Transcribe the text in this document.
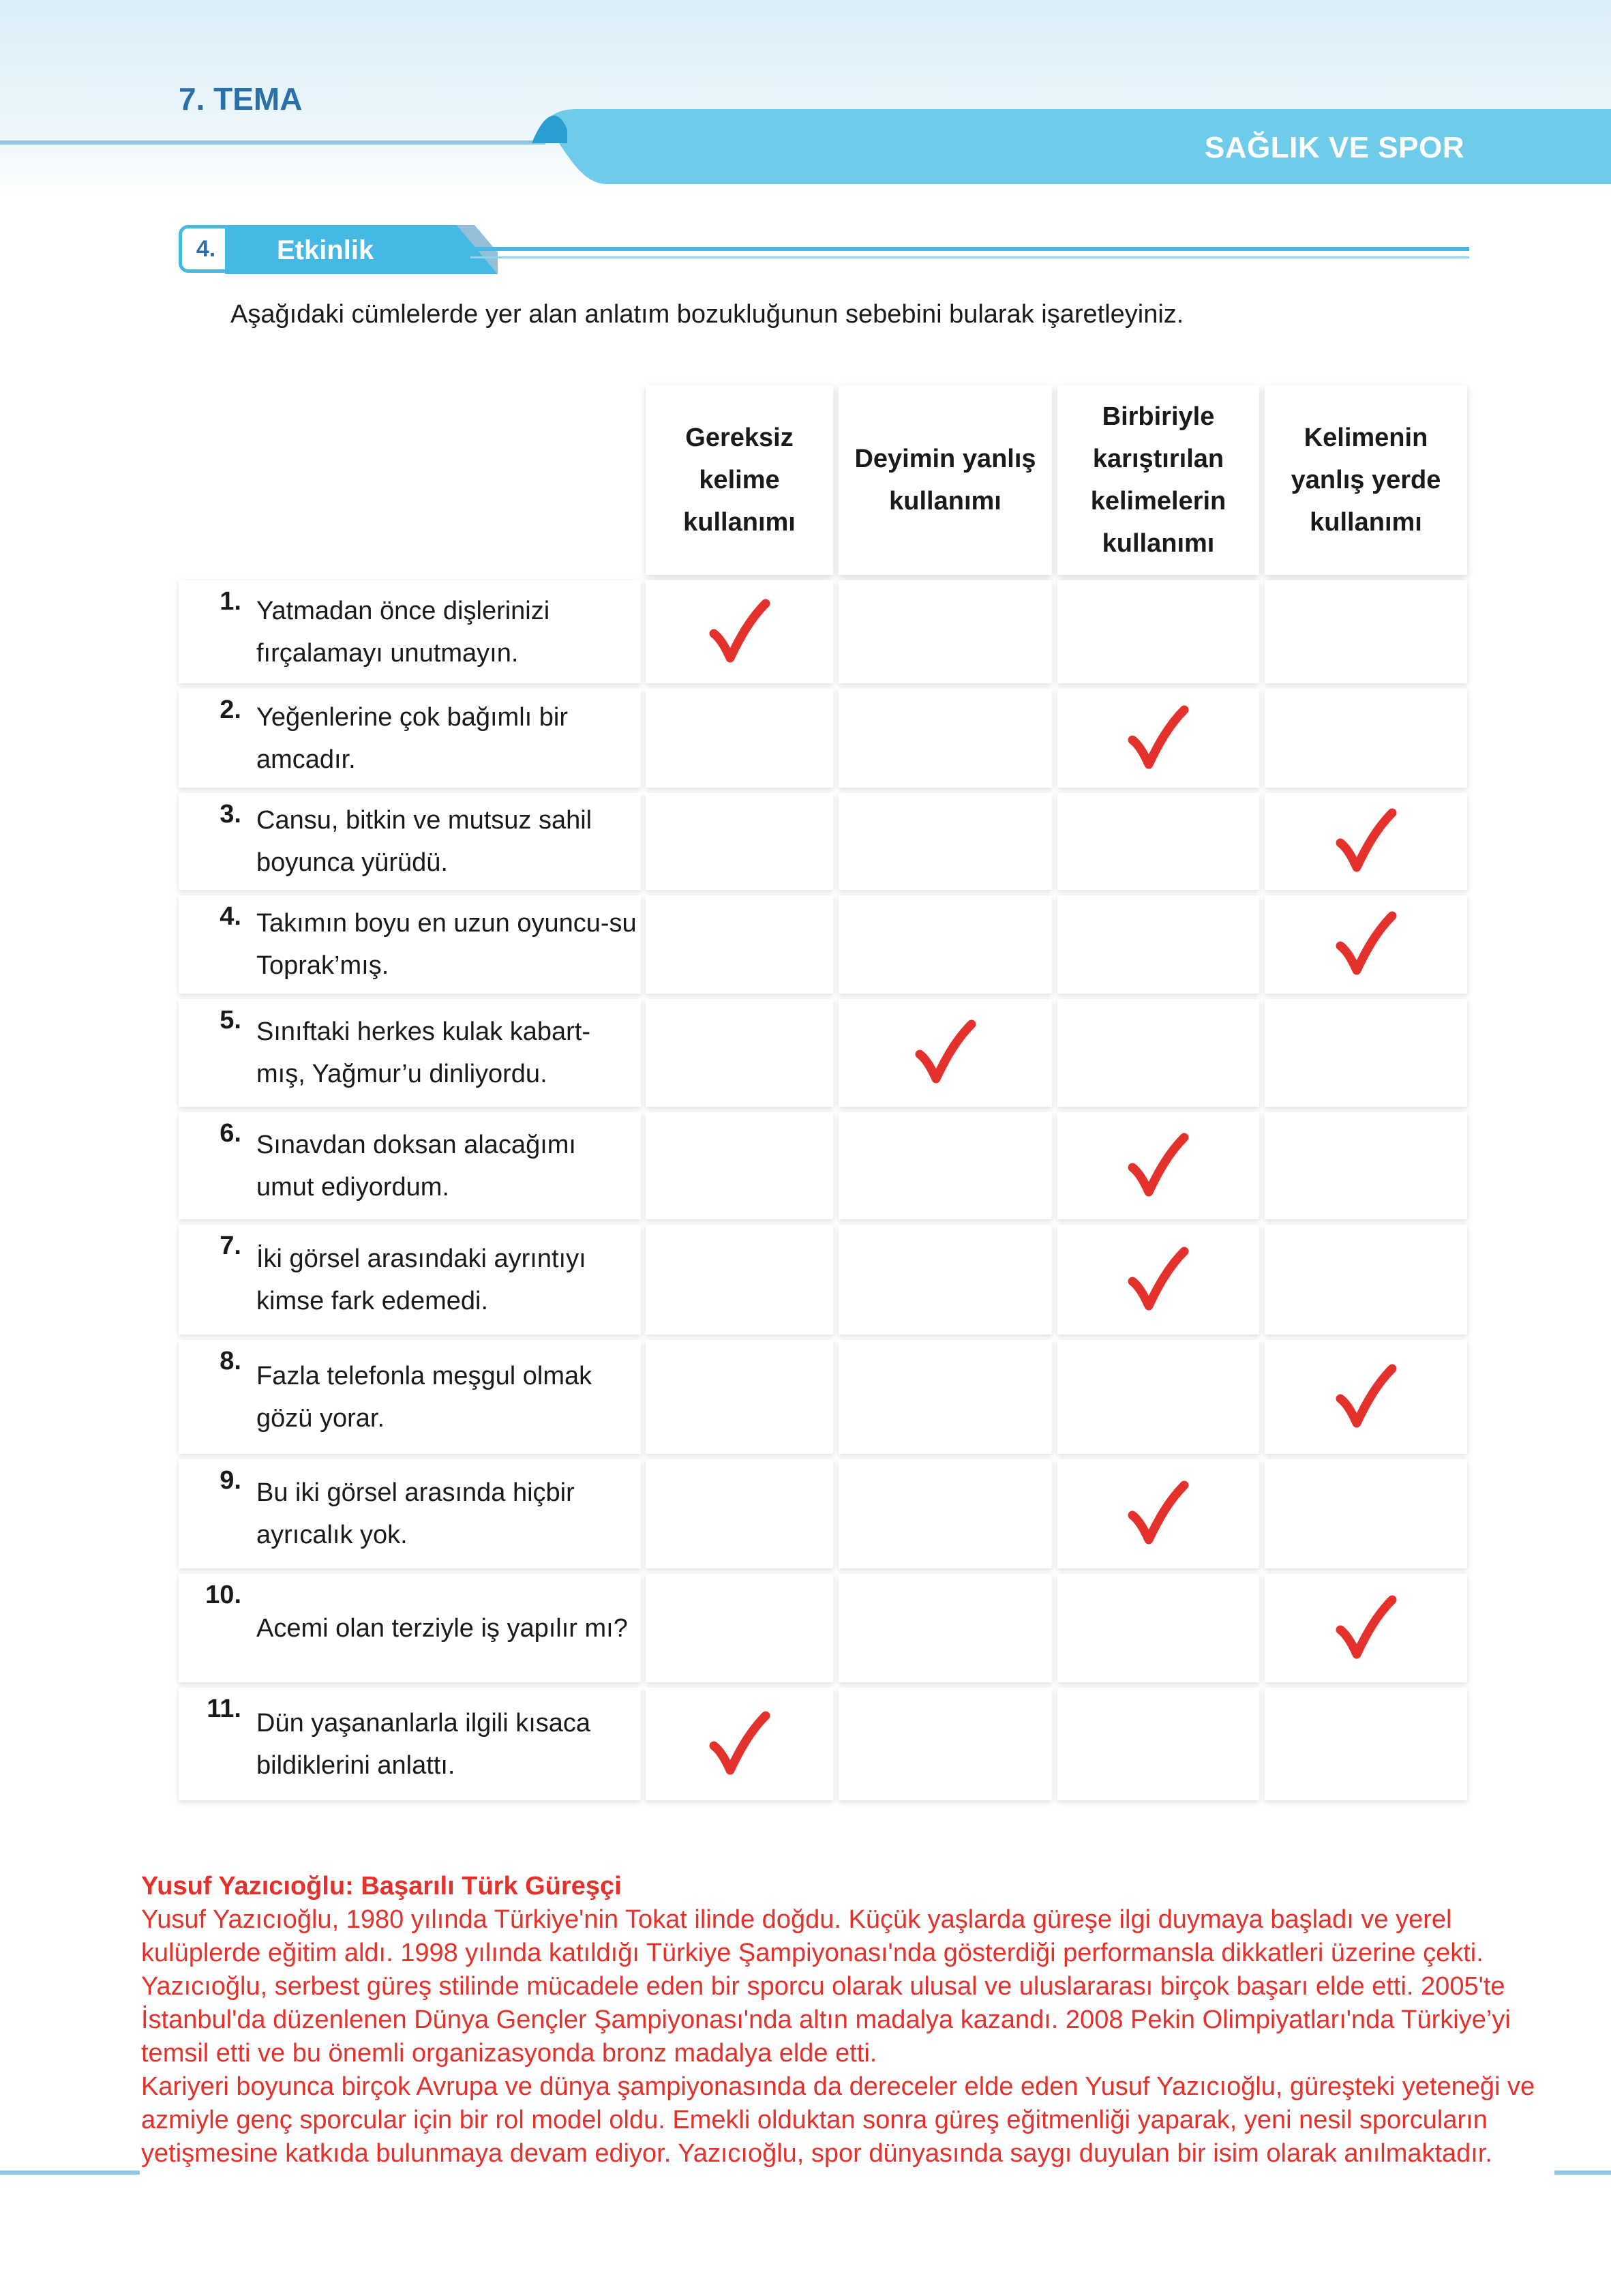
7. TEMA
SAĞLIK VE SPOR
4.	Etkinlik
Aşağıdaki cümlelerde yer alan anlatım bozukluğunun sebebini bularak işaretleyiniz.
Gereksiz kelime kullanımı
Deyimin yanlış kullanımı
Birbiriyle karıştırılan kelimelerin kullanımı
Kelimenin yanlış yerde kullanımı
1. Yatmadan önce dişlerinizi fırçalamayı unutmayın.
2. Yeğenlerine çok bağımlı bir amcadır.
3. Cansu, bitkin ve mutsuz sahil boyunca yürüdü.
4. Takımın boyu en uzun oyuncu-su Toprak’mış.
5. Sınıftaki herkes kulak kabart-mış, Yağmur’u dinliyordu.
6. Sınavdan doksan alacağımı umut ediyordum.
7. İki görsel arasındaki ayrıntıyı kimse fark edemedi.
8.
Fazla telefonla meşgul olmak gözü yorar.
9. Bu iki görsel arasında hiçbir ayrıcalık yok.
10.
Acemi olan terziyle iş yapılır mı?
11. Dün yaşananlarla ilgili kısaca bildiklerini anlattı.
Yusuf Yazıcıoğlu: Başarılı Türk Güreşçi

Yusuf Yazıcıoğlu, 1980 yılında Türkiye'nin Tokat ilinde doğdu. Küçük yaşlarda güreşe ilgi duymaya başladı ve yerel kulüplerde eğitim aldı. 1998 yılında katıldığı Türkiye Şampiyonası'nda gösterdiği performansla dikkatleri üzerine çekti.

Yazıcıoğlu, serbest güreş stilinde mücadele eden bir sporcu olarak ulusal ve uluslararası birçok başarı elde etti. 2005'te İstanbul'da düzenlenen Dünya Gençler Şampiyonası'nda altın madalya kazandı. 2008 Pekin Olimpiyatları'nda Türkiye’yi temsil etti ve bu önemli organizasyonda bronz madalya elde etti.

Kariyeri boyunca birçok Avrupa ve dünya şampiyonasında da dereceler elde eden Yusuf Yazıcıoğlu, güreşteki yeteneği ve azmiyle genç sporcular için bir rol model oldu. Emekli olduktan sonra güreş eğitmenliği yaparak, yeni nesil sporcuların yetişmesine katkıda bulunmaya devam ediyor. Yazıcıoğlu, spor dünyasında saygı duyulan bir isim olarak anılmaktadır.
